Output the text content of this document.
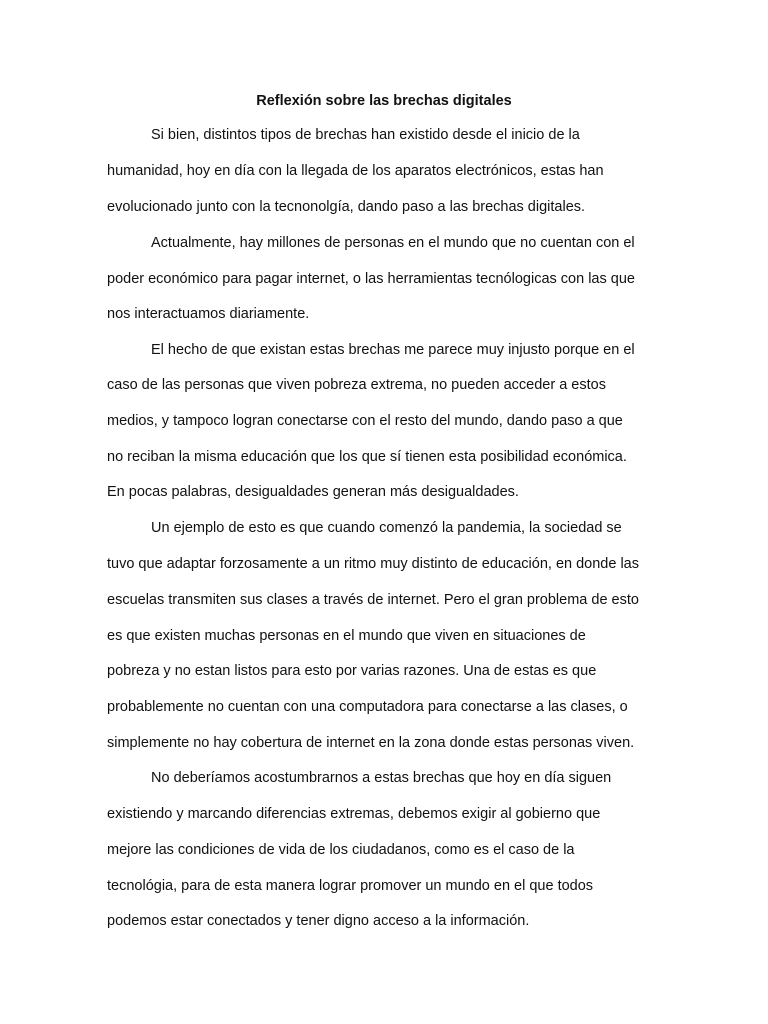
Reflexión sobre las brechas digitales
Si bien, distintos tipos de brechas han existido desde el inicio de la
humanidad, hoy en día con la llegada de los aparatos electrónicos, estas han
evolucionado junto con la tecnonolgía, dando paso a las brechas digitales.
Actualmente, hay millones de personas en el mundo que no cuentan con el
poder económico para pagar internet, o las herramientas tecnólogicas con las que
nos interactuamos diariamente.
El hecho de que existan estas brechas me parece muy injusto porque en el
caso de las personas que viven pobreza extrema, no pueden acceder a estos
medios, y tampoco logran conectarse con el resto del mundo, dando paso a que
no reciban la misma educación que los que sí tienen esta posibilidad económica.
En pocas palabras, desigualdades generan más desigualdades.
Un ejemplo de esto es que cuando comenzó la pandemia, la sociedad se
tuvo que adaptar forzosamente a un ritmo muy distinto de educación, en donde las
escuelas transmiten sus clases a través de internet. Pero el gran problema de esto
es que existen muchas personas en el mundo que viven en situaciones de
pobreza y no estan listos para esto por varias razones. Una de estas es que
probablemente no cuentan con una computadora para conectarse a las clases, o
simplemente no hay cobertura de internet en la zona donde estas personas viven.
No deberíamos acostumbrarnos a estas brechas que hoy en día siguen
existiendo y marcando diferencias extremas, debemos exigir al gobierno que
mejore las condiciones de vida de los ciudadanos, como es el caso de la
tecnológia, para de esta manera lograr promover un mundo en el que todos
podemos estar conectados y tener digno acceso a la información.
